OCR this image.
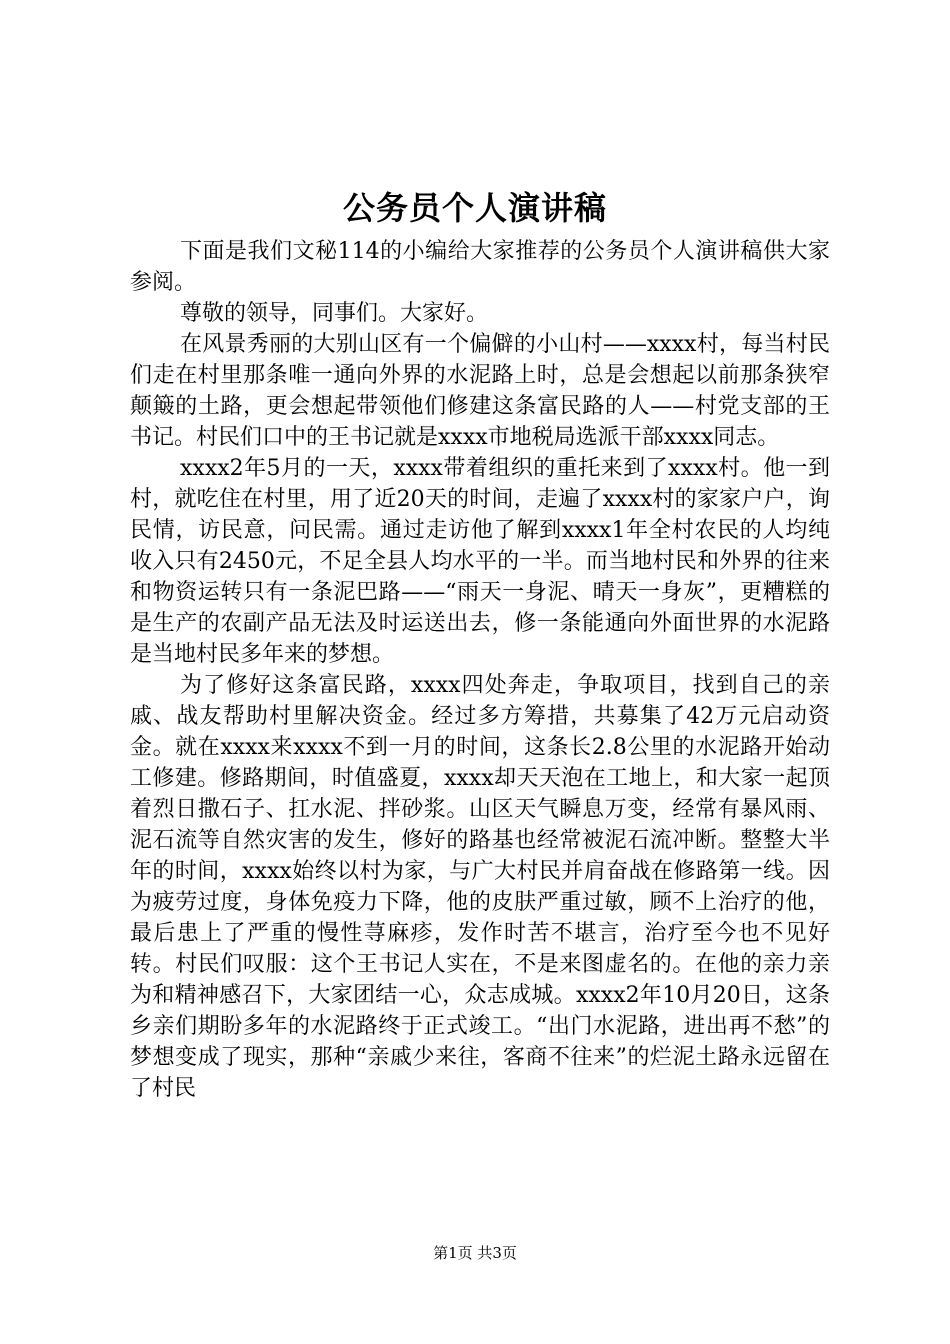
公务员个人演讲稿

下面是我们文秘114的小编给大家推荐的公务员个人演讲稿供大家参阅。

尊敬的领导，同事们。大家好。

在风景秀丽的大别山区有一个偏僻的小山村——xxxx村，每当村民们走在村里那条唯一通向外界的水泥路上时，总是会想起以前那条狭窄颠簸的土路，更会想起带领他们修建这条富民路的人——村党支部的王书记。村民们口中的王书记就是xxxx市地税局选派干部xxxx同志。

xxxx2年5月的一天，xxxx带着组织的重托来到了xxxx村。他一到村，就吃住在村里，用了近20天的时间，走遍了xxxx村的家家户户，询民情，访民意，问民需。通过走访他了解到xxxx1年全村农民的人均纯收入只有2450元，不足全县人均水平的一半。而当地村民和外界的往来和物资运转只有一条泥巴路——“雨天一身泥、晴天一身灰”，更糟糕的是生产的农副产品无法及时运送出去，修一条能通向外面世界的水泥路是当地村民多年来的梦想。

为了修好这条富民路，xxxx四处奔走，争取项目，找到自己的亲戚、战友帮助村里解决资金。经过多方筹措，共募集了42万元启动资金。就在xxxx来xxxx不到一月的时间，这条长2.8公里的水泥路开始动工修建。修路期间，时值盛夏，xxxx却天天泡在工地上，和大家一起顶着烈日撒石子、扛水泥、拌砂浆。山区天气瞬息万变，经常有暴风雨、泥石流等自然灾害的发生，修好的路基也经常被泥石流冲断。整整大半年的时间，xxxx始终以村为家，与广大村民并肩奋战在修路第一线。因为疲劳过度，身体免疫力下降，他的皮肤严重过敏，顾不上治疗的他，最后患上了严重的慢性荨麻疹，发作时苦不堪言，治疗至今也不见好转。村民们叹服：这个王书记人实在，不是来图虚名的。在他的亲力亲为和精神感召下，大家团结一心，众志成城。xxxx2年10月20日，这条乡亲们期盼多年的水泥路终于正式竣工。“出门水泥路，进出再不愁”的梦想变成了现实，那种“亲戚少来往，客商不往来”的烂泥土路永远留在了村民

第1页 共3页
